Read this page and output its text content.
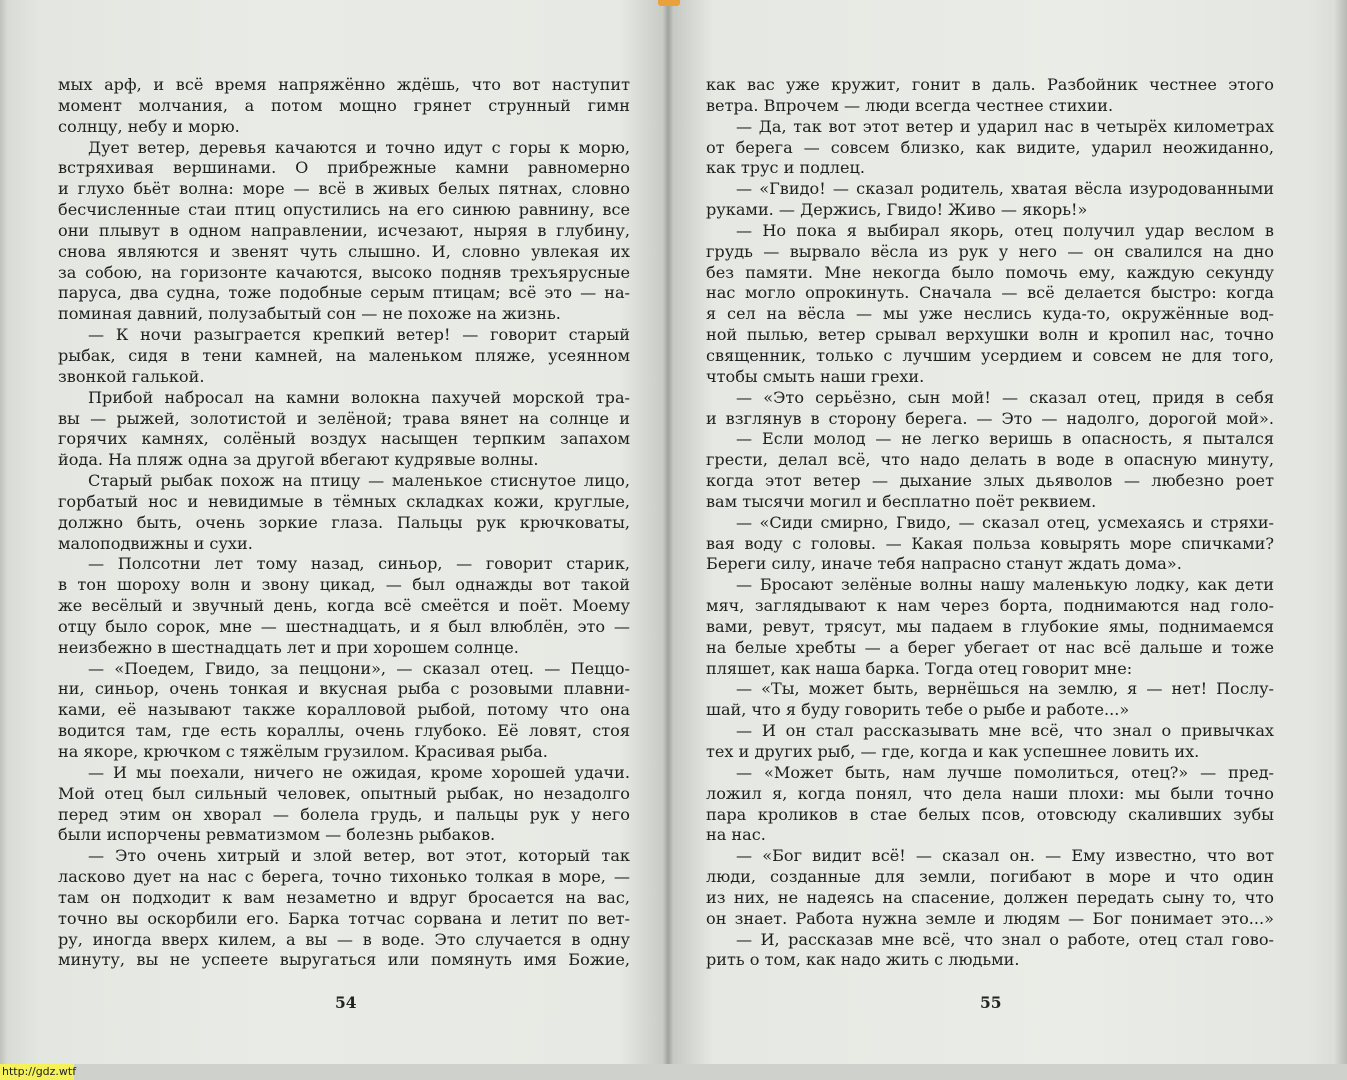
мых арф, и всё время напряжённо ждёшь, что вот наступит
момент молчания, а потом мощно грянет струнный гимн
солнцу, небу и морю.
Дует ветер, деревья качаются и точно идут с горы к морю,
встряхивая вершинами. О прибрежные камни равномерно
и глухо бьёт волна: море — всё в живых белых пятнах, словно
бесчисленные стаи птиц опустились на его синюю равнину, все
они плывут в одном направлении, исчезают, ныряя в глубину,
снова являются и звенят чуть слышно. И, словно увлекая их
за собою, на горизонте качаются, высоко подняв трехъярусные
паруса, два судна, тоже подобные серым птицам; всё это — на-
поминая давний, полузабытый сон — не похоже на жизнь.
— К ночи разыграется крепкий ветер! — говорит старый
рыбак, сидя в тени камней, на маленьком пляже, усеянном
звонкой галькой.
Прибой набросал на камни волокна пахучей морской тра-
вы — рыжей, золотистой и зелёной; трава вянет на солнце и
горячих камнях, солёный воздух насыщен терпким запахом
йода. На пляж одна за другой вбегают кудрявые волны.
Старый рыбак похож на птицу — маленькое стиснутое лицо,
горбатый нос и невидимые в тёмных складках кожи, круглые,
должно быть, очень зоркие глаза. Пальцы рук крючковаты,
малоподвижны и сухи.
— Полсотни лет тому назад, синьор, — говорит старик,
в тон шороху волн и звону цикад, — был однажды вот такой
же весёлый и звучный день, когда всё смеётся и поёт. Моему
отцу было сорок, мне — шестнадцать, и я был влюблён, это —
неизбежно в шестнадцать лет и при хорошем солнце.
— «Поедем, Гвидо, за пеццони», — сказал отец. — Пеццо-
ни, синьор, очень тонкая и вкусная рыба с розовыми плавни-
ками, её называют также коралловой рыбой, потому что она
водится там, где есть кораллы, очень глубоко. Её ловят, стоя
на якоре, крючком с тяжёлым грузилом. Красивая рыба.
— И мы поехали, ничего не ожидая, кроме хорошей удачи.
Мой отец был сильный человек, опытный рыбак, но незадолго
перед этим он хворал — болела грудь, и пальцы рук у него
были испорчены ревматизмом — болезнь рыбаков.
— Это очень хитрый и злой ветер, вот этот, который так
ласково дует на нас с берега, точно тихонько толкая в море, —
там он подходит к вам незаметно и вдруг бросается на вас,
точно вы оскорбили его. Барка тотчас сорвана и летит по вет-
ру, иногда вверх килем, а вы — в воде. Это случается в одну
минуту, вы не успеете выругаться или помянуть имя Божие,
как вас уже кружит, гонит в даль. Разбойник честнее этого
ветра. Впрочем — люди всегда честнее стихии.
— Да, так вот этот ветер и ударил нас в четырёх километрах
от берега — совсем близко, как видите, ударил неожиданно,
как трус и подлец.
— «Гвидо! — сказал родитель, хватая вёсла изуродованными
руками. — Держись, Гвидо! Живо — якорь!»
— Но пока я выбирал якорь, отец получил удар веслом в
грудь — вырвало вёсла из рук у него — он свалился на дно
без памяти. Мне некогда было помочь ему, каждую секунду
нас могло опрокинуть. Сначала — всё делается быстро: когда
я сел на вёсла — мы уже неслись куда-то, окружённые вод-
ной пылью, ветер срывал верхушки волн и кропил нас, точно
священник, только с лучшим усердием и совсем не для того,
чтобы смыть наши грехи.
— «Это серьёзно, сын мой! — сказал отец, придя в себя
и взглянув в сторону берега. — Это — надолго, дорогой мой».
— Если молод — не легко веришь в опасность, я пытался
грести, делал всё, что надо делать в воде в опасную минуту,
когда этот ветер — дыхание злых дьяволов — любезно роет
вам тысячи могил и бесплатно поёт реквием.
— «Сиди смирно, Гвидо, — сказал отец, усмехаясь и стряхи-
вая воду с головы. — Какая польза ковырять море спичками?
Береги силу, иначе тебя напрасно станут ждать дома».
— Бросают зелёные волны нашу маленькую лодку, как дети
мяч, заглядывают к нам через борта, поднимаются над голо-
вами, ревут, трясут, мы падаем в глубокие ямы, поднимаемся
на белые хребты — а берег убегает от нас всё дальше и тоже
пляшет, как наша барка. Тогда отец говорит мне:
— «Ты, может быть, вернёшься на землю, я — нет! Послу-
шай, что я буду говорить тебе о рыбе и работе...»
— И он стал рассказывать мне всё, что знал о привычках
тех и других рыб, — где, когда и как успешнее ловить их.
— «Может быть, нам лучше помолиться, отец?» — пред-
ложил я, когда понял, что дела наши плохи: мы были точно
пара кроликов в стае белых псов, отовсюду скаливших зубы
на нас.
— «Бог видит всё! — сказал он. — Ему известно, что вот
люди, созданные для земли, погибают в море и что один
из них, не надеясь на спасение, должен передать сыну то, что
он знает. Работа нужна земле и людям — Бог понимает это...»
— И, рассказав мне всё, что знал о работе, отец стал гово-
рить о том, как надо жить с людьми.
54	55
http://gdz.wtf
